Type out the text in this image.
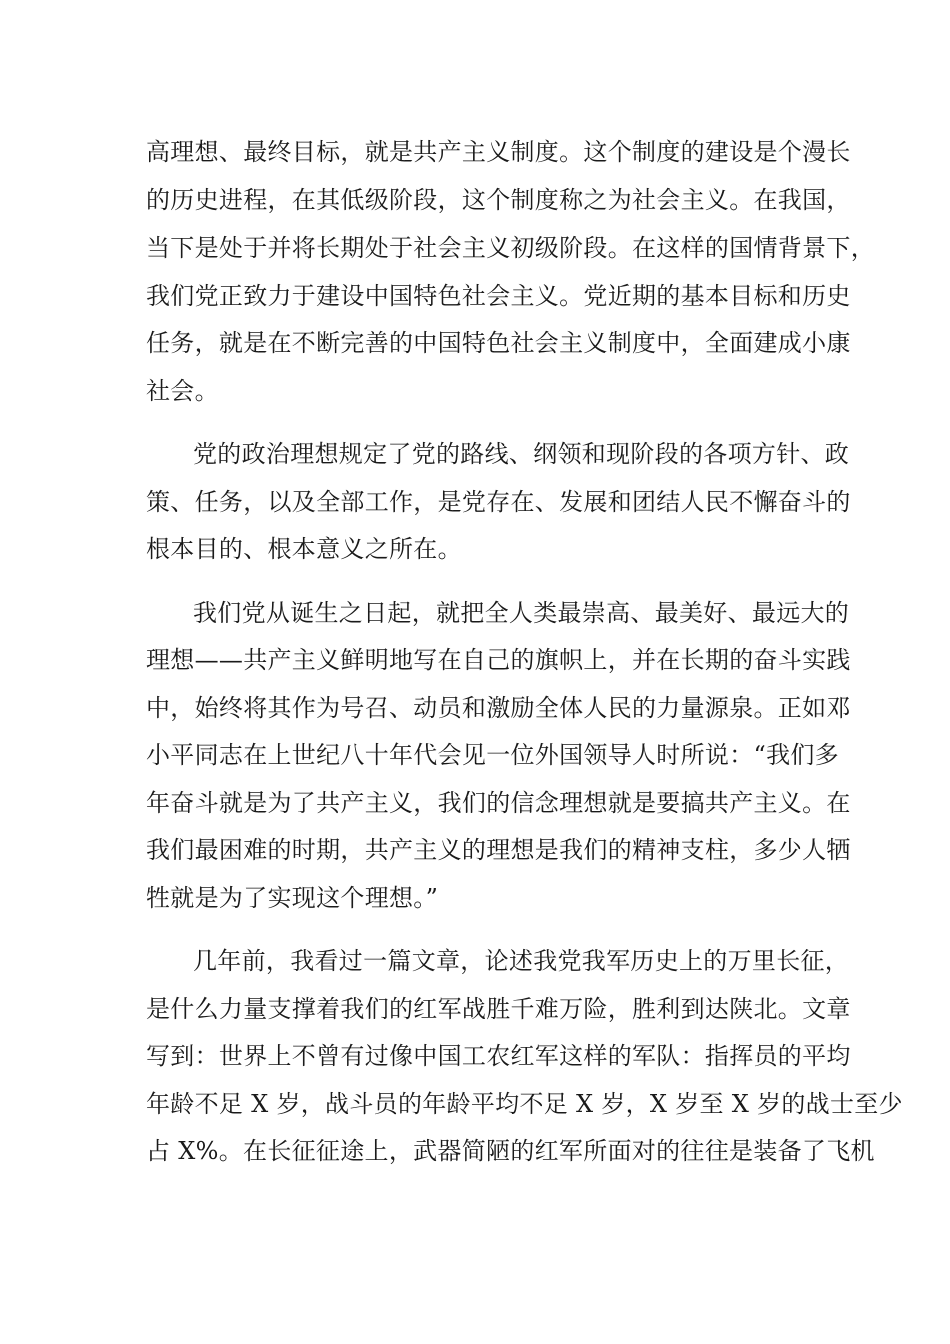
高理想、最终目标，就是共产主义制度。这个制度的建设是个漫长
的历史进程，在其低级阶段，这个制度称之为社会主义。在我国，
当下是处于并将长期处于社会主义初级阶段。在这样的国情背景下，
我们党正致力于建设中国特色社会主义。党近期的基本目标和历史
任务，就是在不断完善的中国特色社会主义制度中，全面建成小康
社会。
党的政治理想规定了党的路线、纲领和现阶段的各项方针、政
策、任务，以及全部工作，是党存在、发展和团结人民不懈奋斗的
根本目的、根本意义之所在。
我们党从诞生之日起，就把全人类最崇高、最美好、最远大的
理想——共产主义鲜明地写在自己的旗帜上，并在长期的奋斗实践
中，始终将其作为号召、动员和激励全体人民的力量源泉。正如邓
小平同志在上世纪八十年代会见一位外国领导人时所说：“我们多
年奋斗就是为了共产主义，我们的信念理想就是要搞共产主义。在
我们最困难的时期，共产主义的理想是我们的精神支柱，多少人牺
牲就是为了实现这个理想。”
几年前，我看过一篇文章，论述我党我军历史上的万里长征，
是什么力量支撑着我们的红军战胜千难万险，胜利到达陕北。文章
写到：世界上不曾有过像中国工农红军这样的军队：指挥员的平均
年龄不足 X 岁，战斗员的年龄平均不足 X 岁，X 岁至 X 岁的战士至少
占 X%。在长征征途上，武器简陋的红军所面对的往往是装备了飞机
